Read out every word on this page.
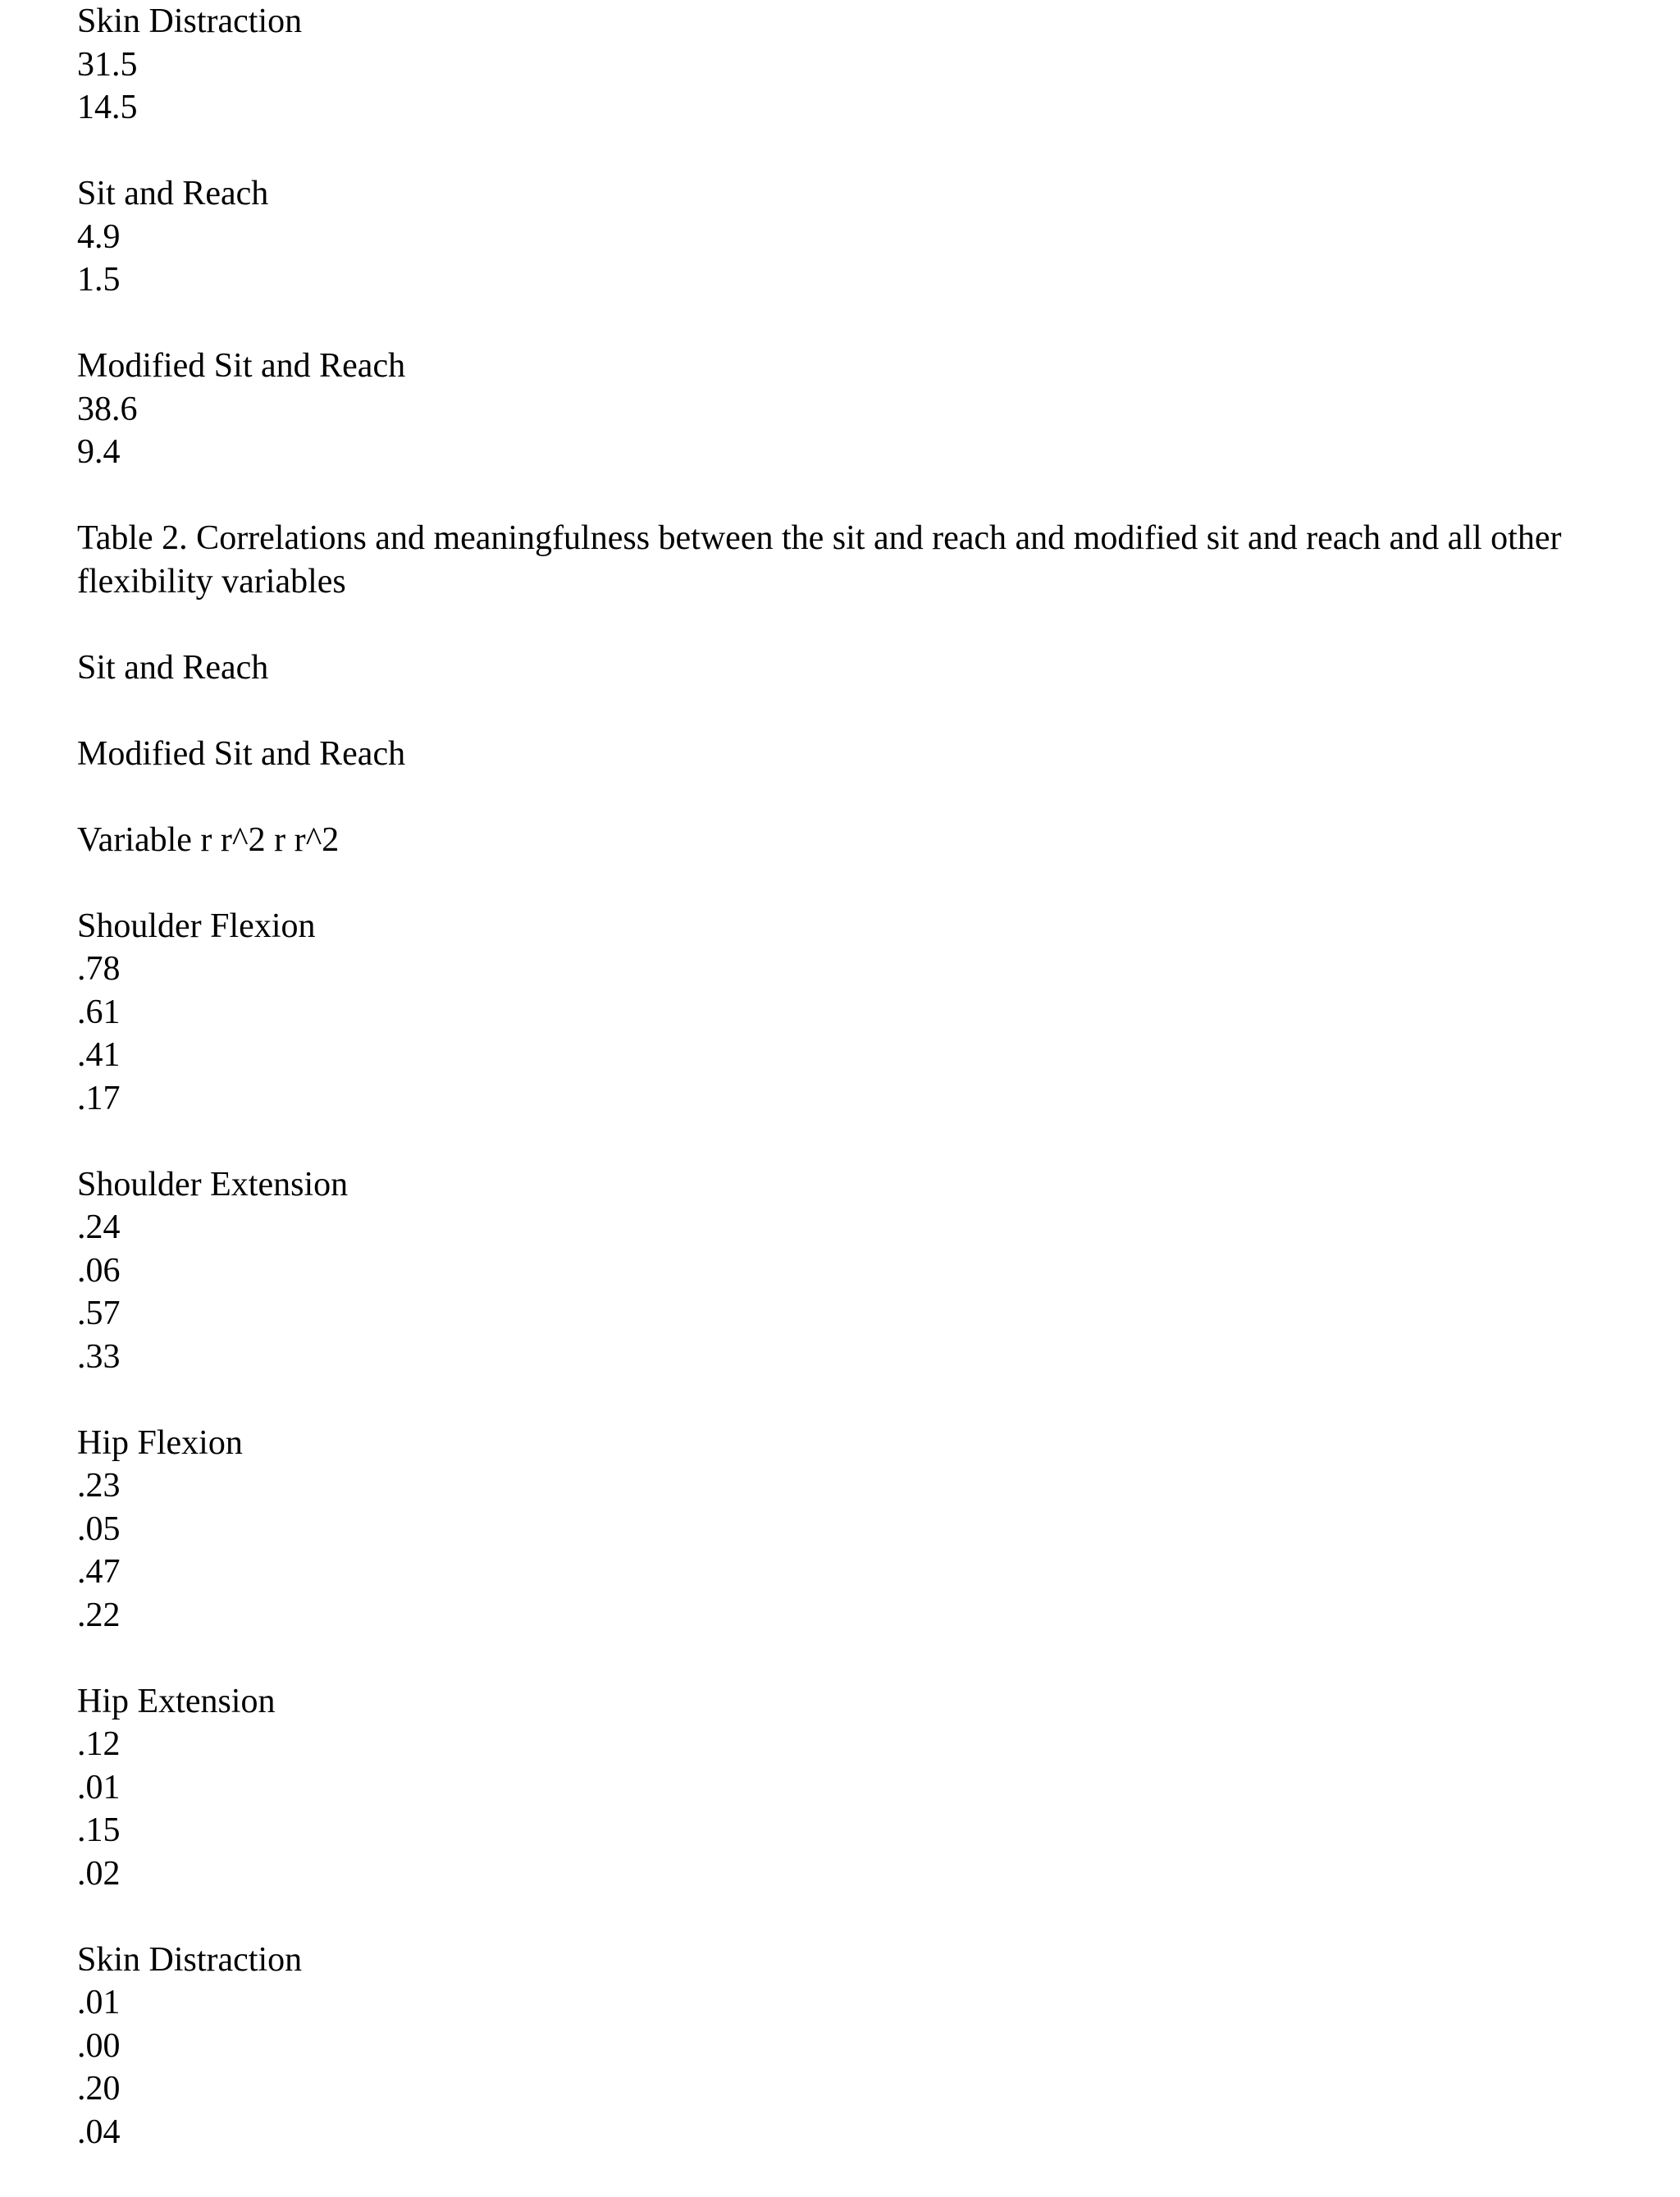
Skin Distraction
31.5
14.5
Sit and Reach
4.9
1.5
Modified Sit and Reach
38.6
9.4
Table 2. Correlations and meaningfulness between the sit and reach and modified sit and reach and all other flexibility variables
Sit and Reach
Modified Sit and Reach
Variable r r^2 r r^2
Shoulder Flexion
.78
.61
.41
.17
Shoulder Extension
.24
.06
.57
.33
Hip Flexion
.23
.05
.47
.22
Hip Extension
.12
.01
.15
.02
Skin Distraction
.01
.00
.20
.04
